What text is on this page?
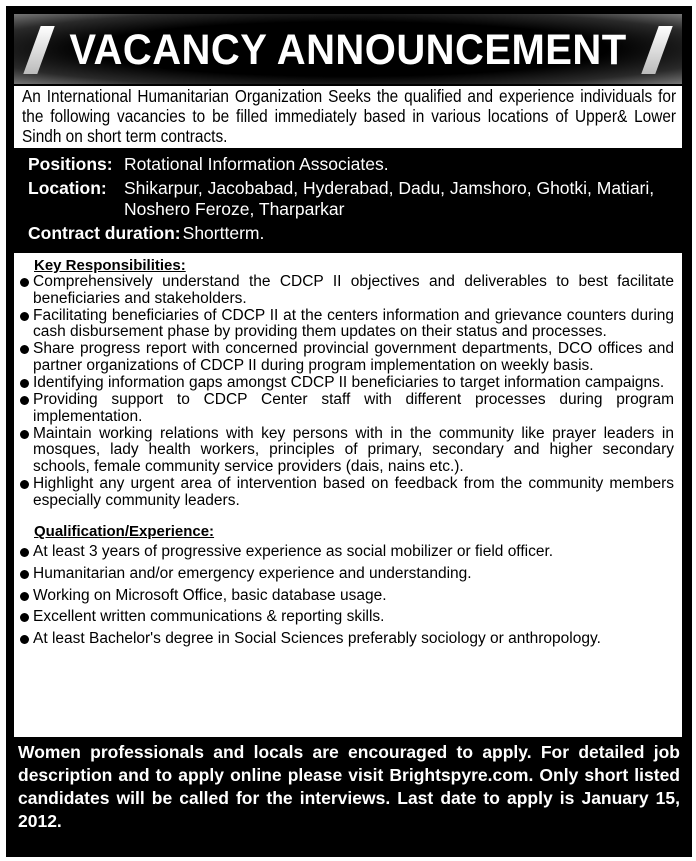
VACANCY ANNOUNCEMENT

An International Humanitarian Organization Seeks the qualified and experience individuals for the following vacancies to be filled immediately based in various locations of Upper& Lower Sindh on short term contracts.

Positions: Rotational Information Associates.
Location: Shikarpur, Jacobabad, Hyderabad, Dadu, Jamshoro, Ghotki, Matiari, Noshero Feroze, Tharparkar
Contract duration: Shortterm.
Key Responsibilities:
Comprehensively understand the CDCP II objectives and deliverables to best facilitate beneficiaries and stakeholders.
Facilitating beneficiaries of CDCP II at the centers information and grievance counters during cash disbursement phase by providing them updates on their status and processes.
Share progress report with concerned provincial government departments, DCO offices and partner organizations of CDCP II during program implementation on weekly basis.
Identifying information gaps amongst CDCP II beneficiaries to target information campaigns.
Providing support to CDCP Center staff with different processes during program implementation.
Maintain working relations with key persons with in the community like prayer leaders in mosques, lady health workers, principles of primary, secondary and higher secondary schools, female community service providers (dais, nains etc.).
Highlight any urgent area of intervention based on feedback from the community members especially community leaders.
Qualification/Experience:
At least 3 years of progressive experience as social mobilizer or field officer.
Humanitarian and/or emergency experience and understanding.
Working on Microsoft Office, basic database usage.
Excellent written communications & reporting skills.
At least Bachelor's degree in Social Sciences preferably sociology or anthropology.
Women professionals and locals are encouraged to apply. For detailed job description and to apply online please visit Brightspyre.com. Only short listed candidates will be called for the interviews. Last date to apply is January 15, 2012.
